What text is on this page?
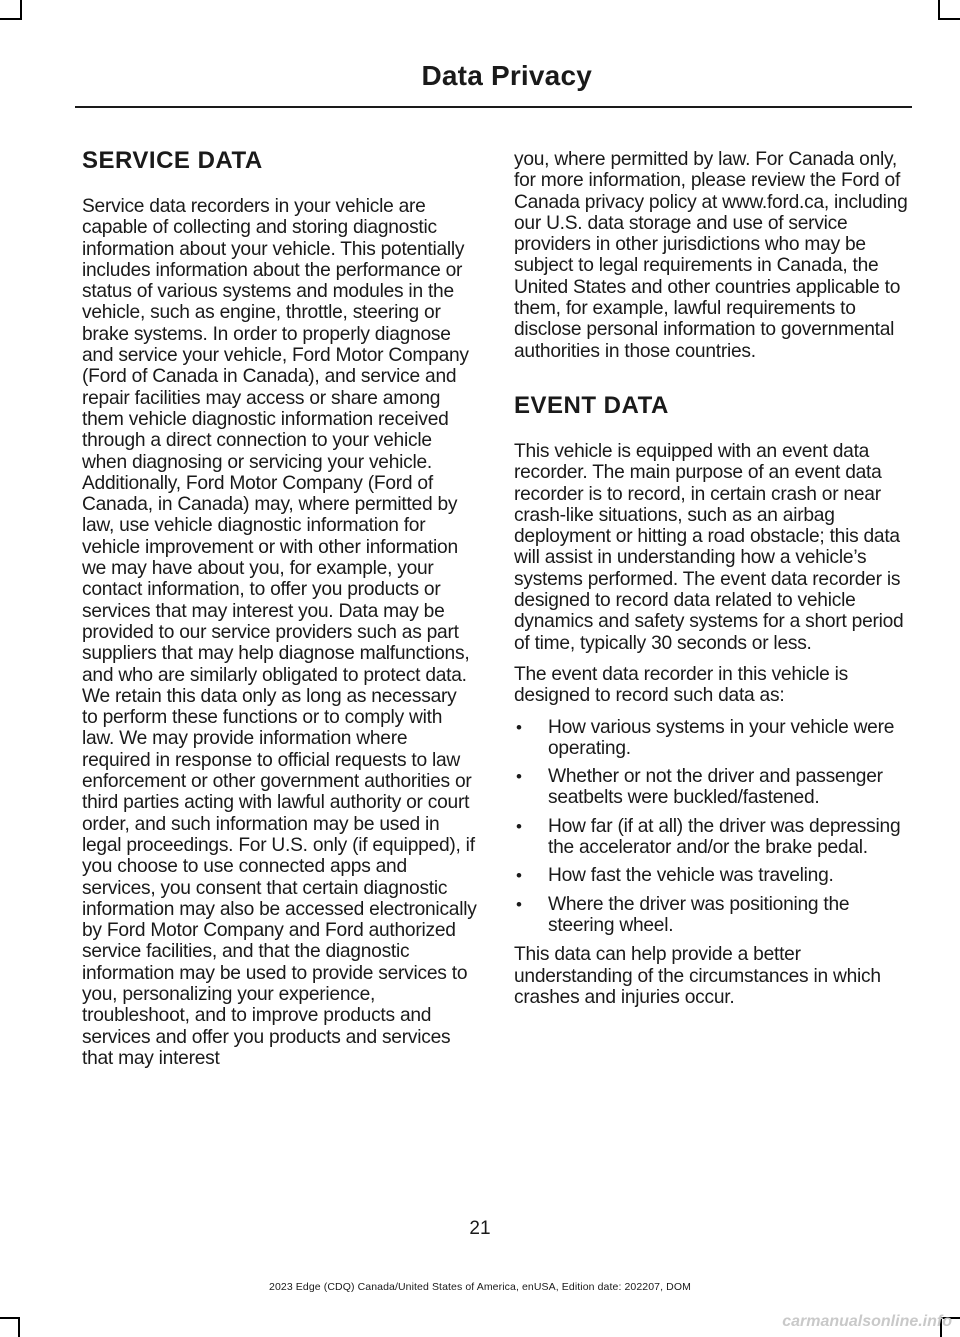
Data Privacy
SERVICE DATA

Service data recorders in your vehicle are capable of collecting and storing diagnostic information about your vehicle. This potentially includes information about the performance or status of various systems and modules in the vehicle, such as engine, throttle, steering or brake systems. In order to properly diagnose and service your vehicle, Ford Motor Company (Ford of Canada in Canada), and service and repair facilities may access or share among them vehicle diagnostic information received through a direct connection to your vehicle when diagnosing or servicing your vehicle. Additionally, Ford Motor Company (Ford of Canada, in Canada) may, where permitted by law, use vehicle diagnostic information for vehicle improvement or with other information we may have about you, for example, your contact information, to offer you products or services that may interest you. Data may be provided to our service providers such as part suppliers that may help diagnose malfunctions, and who are similarly obligated to protect data. We retain this data only as long as necessary to perform these functions or to comply with law. We may provide information where required in response to official requests to law enforcement or other government authorities or third parties acting with lawful authority or court order, and such information may be used in legal proceedings. For U.S. only (if equipped), if you choose to use connected apps and services, you consent that certain diagnostic information may also be accessed electronically by Ford Motor Company and Ford authorized service facilities, and that the diagnostic information may be used to provide services to you, personalizing your experience, troubleshoot, and to improve products and services and offer you products and services that may interest

you, where permitted by law. For Canada only, for more information, please review the Ford of Canada privacy policy at www.ford.ca, including our U.S. data storage and use of service providers in other jurisdictions who may be subject to legal requirements in Canada, the United States and other countries applicable to them, for example, lawful requirements to disclose personal information to governmental authorities in those countries.

EVENT DATA

This vehicle is equipped with an event data recorder. The main purpose of an event data recorder is to record, in certain crash or near crash-like situations, such as an airbag deployment or hitting a road obstacle; this data will assist in understanding how a vehicle’s systems performed. The event data recorder is designed to record data related to vehicle dynamics and safety systems for a short period of time, typically 30 seconds or less.

The event data recorder in this vehicle is designed to record such data as:

• How various systems in your vehicle were operating.
• Whether or not the driver and passenger seatbelts were buckled/fastened.
• How far (if at all) the driver was depressing the accelerator and/or the brake pedal.
• How fast the vehicle was traveling.
• Where the driver was positioning the steering wheel.

This data can help provide a better understanding of the circumstances in which crashes and injuries occur.

21
2023 Edge (CDQ) Canada/United States of America, enUSA, Edition date: 202207, DOM
carmanualsonline.info
